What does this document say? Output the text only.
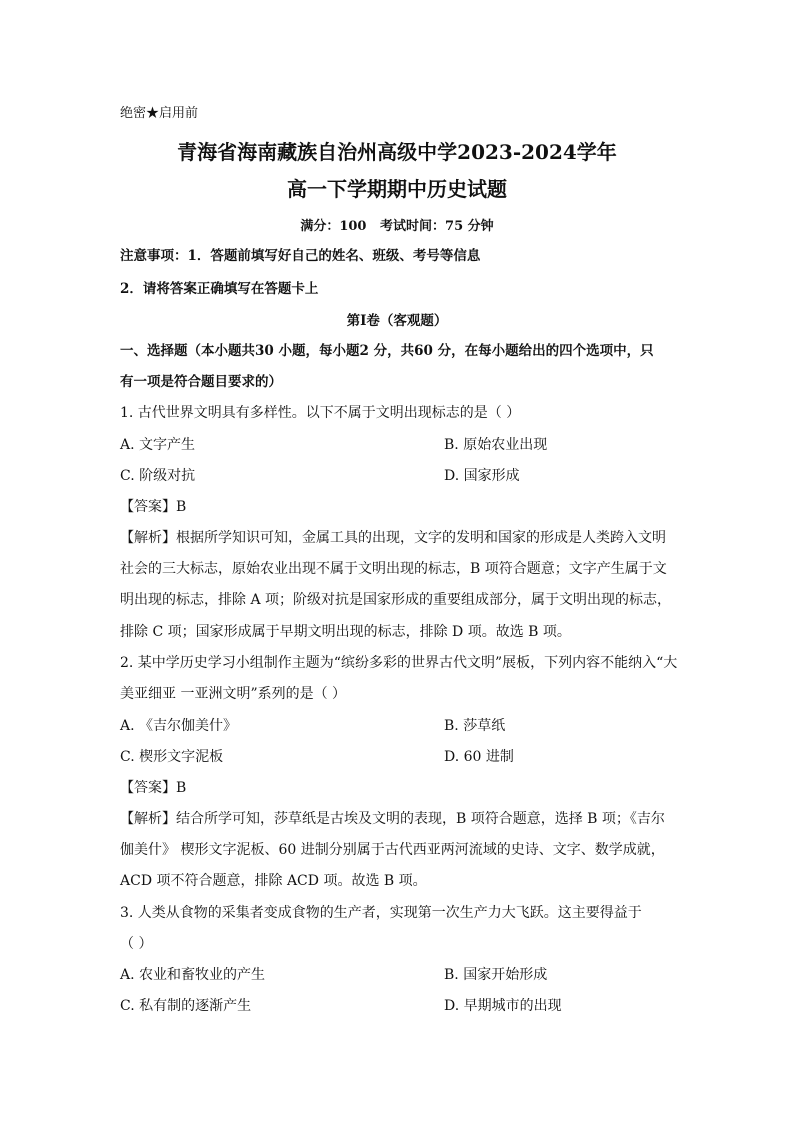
绝密★启用前
青海省海南藏族自治州高级中学2023-2024学年
高一下学期期中历史试题
满分：100   考试时间：75 分钟
注意事项：1．答题前填写好自己的姓名、班级、考号等信息
2．请将答案正确填写在答题卡上
第Ⅰ卷（客观题）
一、选择题（本小题共30 小题，每小题2 分，共60 分，在每小题给出的四个选项中，只
有一项是符合题目要求的）
1. 古代世界文明具有多样性。以下不属于文明出现标志的是（ ）
A. 文字产生	B. 原始农业出现
C. 阶级对抗	D. 国家形成
【答案】B
【解析】根据所学知识可知，金属工具的出现，文字的发明和国家的形成是人类跨入文明
社会的三大标志，原始农业出现不属于文明出现的标志，B 项符合题意；文字产生属于文
明出现的标志，排除 A 项；阶级对抗是国家形成的重要组成部分，属于文明出现的标志，
排除 C 项；国家形成属于早期文明出现的标志，排除 D 项。故选 B 项。
2. 某中学历史学习小组制作主题为“缤纷多彩的世界古代文明”展板，下列内容不能纳入“大
美亚细亚 一亚洲文明”系列的是（ ）
A. 《吉尔伽美什》	B. 莎草纸
C. 楔形文字泥板	D. 60 进制
【答案】B
【解析】结合所学可知，莎草纸是古埃及文明的表现，B 项符合题意，选择 B 项；《吉尔
伽美什》 楔形文字泥板、60 进制分别属于古代西亚两河流域的史诗、文字、数学成就，
ACD 项不符合题意，排除 ACD 项。故选 B 项。
3. 人类从食物的采集者变成食物的生产者，实现第一次生产力大飞跃。这主要得益于
（ ）
A. 农业和畜牧业的产生	B. 国家开始形成
C. 私有制的逐渐产生	D. 早期城市的出现
